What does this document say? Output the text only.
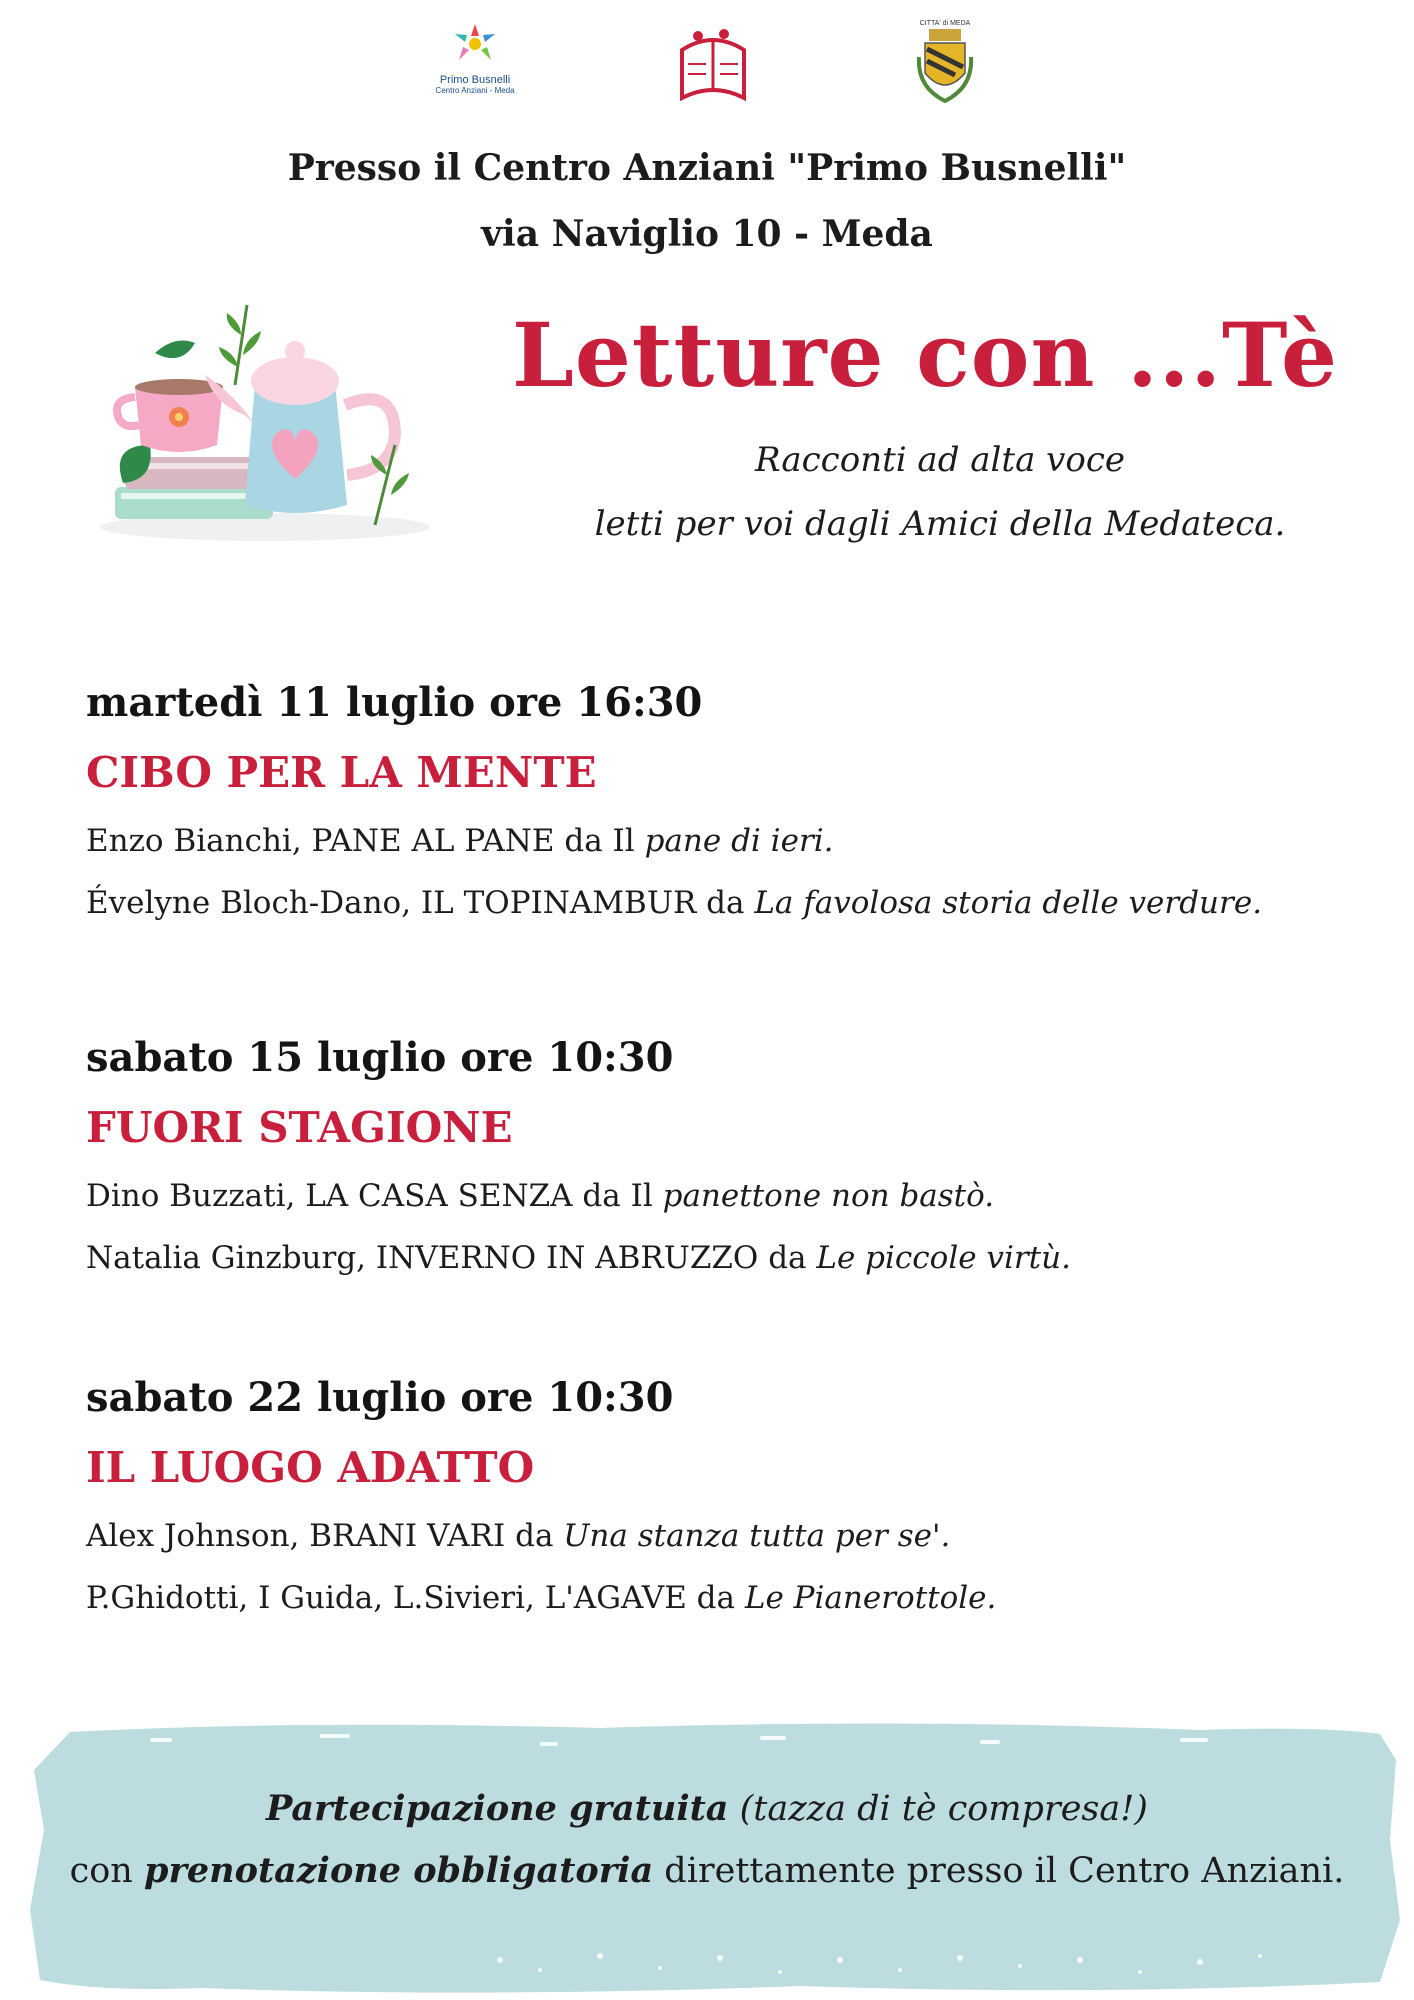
Primo Busnelli
Centro Anziani - Meda
CITTA' di MEDA
Presso il Centro Anziani "Primo Busnelli"
via Naviglio 10 - Meda
Letture con ...Tè
Racconti ad alta voce
letti per voi dagli Amici della Medateca.
martedì 11 luglio ore 16:30
CIBO PER LA MENTE
Enzo Bianchi, PANE AL PANE da Il pane di ieri.
Évelyne Bloch-Dano, IL TOPINAMBUR da La favolosa storia delle verdure.
sabato 15 luglio ore 10:30
FUORI STAGIONE
Dino Buzzati, LA CASA SENZA da Il panettone non bastò.
Natalia Ginzburg, INVERNO IN ABRUZZO da Le piccole virtù.
sabato 22 luglio ore 10:30
IL LUOGO ADATTO
Alex Johnson, BRANI VARI da Una stanza tutta per se'.
P.Ghidotti, I Guida, L.Sivieri, L'AGAVE da Le Pianerottole.
Partecipazione gratuita (tazza di tè compresa!)
con prenotazione obbligatoria direttamente presso il Centro Anziani.
